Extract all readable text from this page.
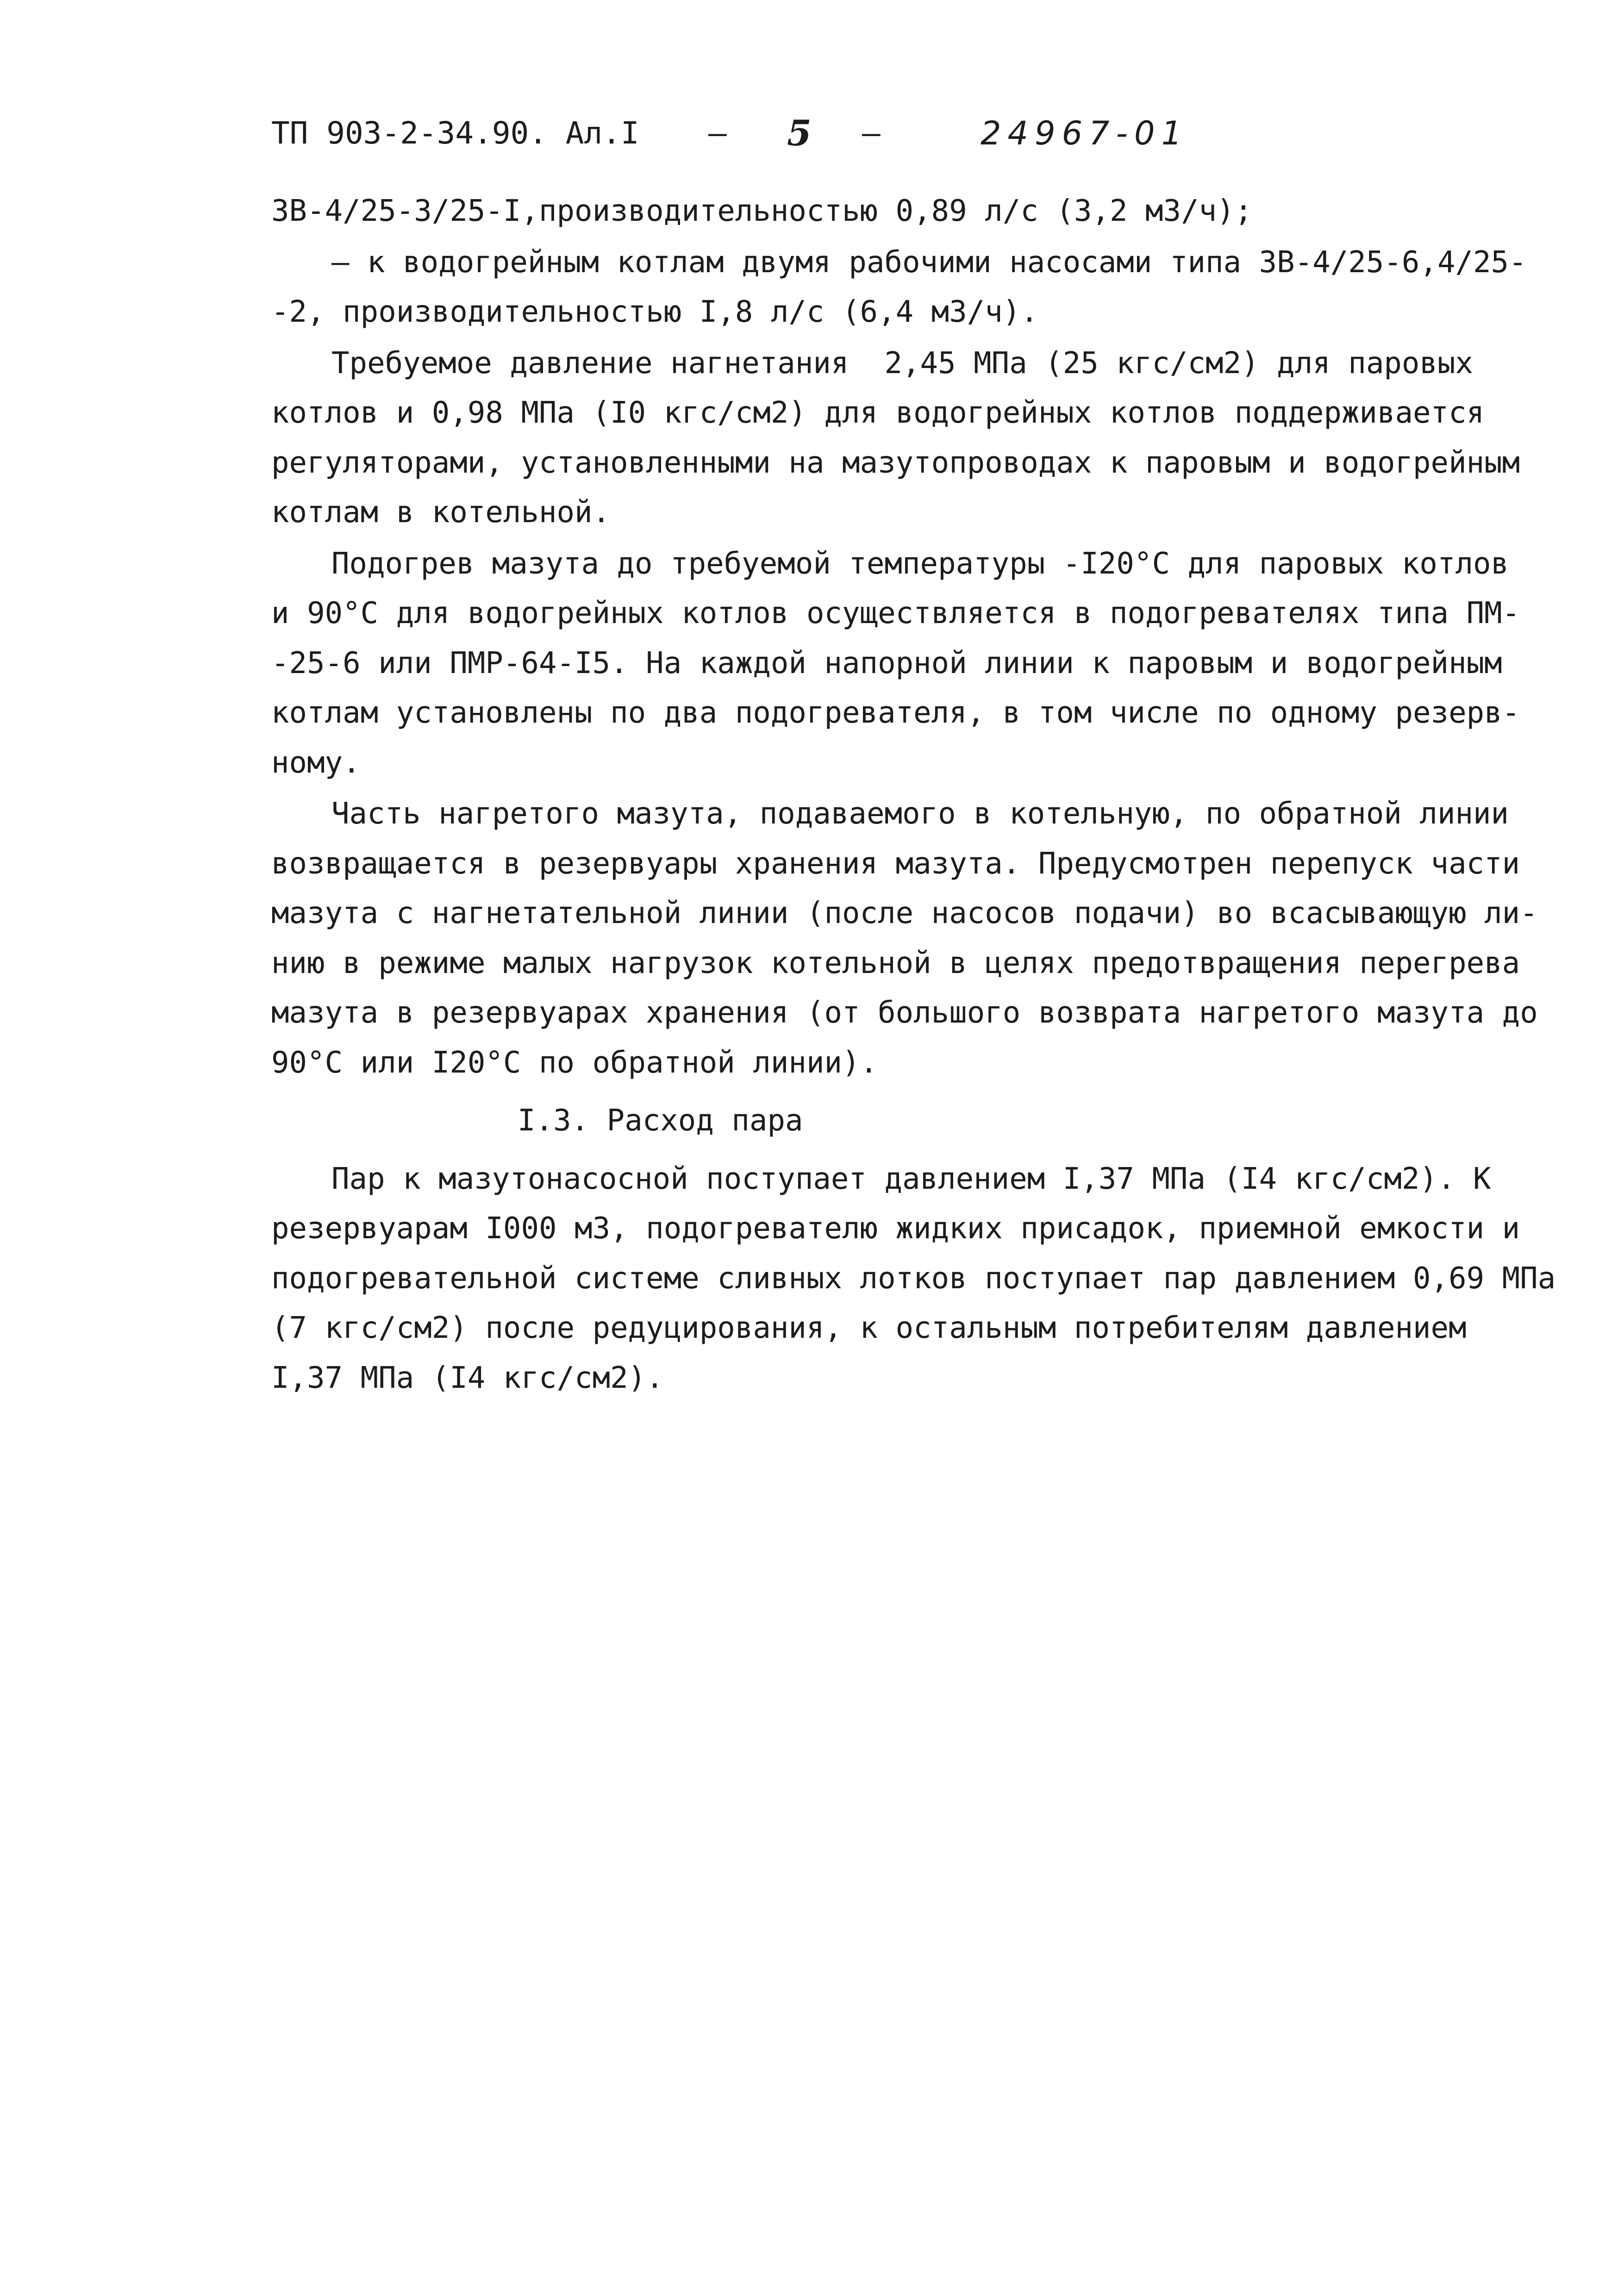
ТП 903-2-34.90. Ал.I – 5 –	24967-01
ЗВ-4/25-3/25-I,производительностью 0,89 л/с (3,2 м3/ч);
– к водогрейным котлам двумя рабочими насосами типа ЗВ-4/25-6,4/25-
-2, производительностью I,8 л/с (6,4 м3/ч).
Требуемое давление нагнетания  2,45 МПа (25 кгс/см2) для паровых
котлов и 0,98 МПа (I0 кгс/см2) для водогрейных котлов поддерживается
регуляторами, установленными на мазутопроводах к паровым и водогрейным
котлам в котельной.
Подогрев мазута до требуемой температуры -I20°C для паровых котлов
и 90°С для водогрейных котлов осуществляется в подогревателях типа ПМ-
-25-6 или ПМР-64-I5. На каждой напорной линии к паровым и водогрейным
котлам установлены по два подогревателя, в том числе по одному резерв-
ному.
Часть нагретого мазута, подаваемого в котельную, по обратной линии
возвращается в резервуары хранения мазута. Предусмотрен перепуск части
мазута с нагнетательной линии (после насосов подачи) во всасывающую ли-
нию в режиме малых нагрузок котельной в целях предотвращения перегрева
мазута в резервуарах хранения (от большого возврата нагретого мазута до
90°С или I20°С по обратной линии).
I.3. Расход пара
Пар к мазутонасосной поступает давлением I,37 МПа (I4 кгс/см2). К
резервуарам I000 м3, подогревателю жидких присадок, приемной емкости и
подогревательной системе сливных лотков поступает пар давлением 0,69 МПа
(7 кгс/см2) после редуцирования, к остальным потребителям давлением
I,37 МПа (I4 кгс/см2).
